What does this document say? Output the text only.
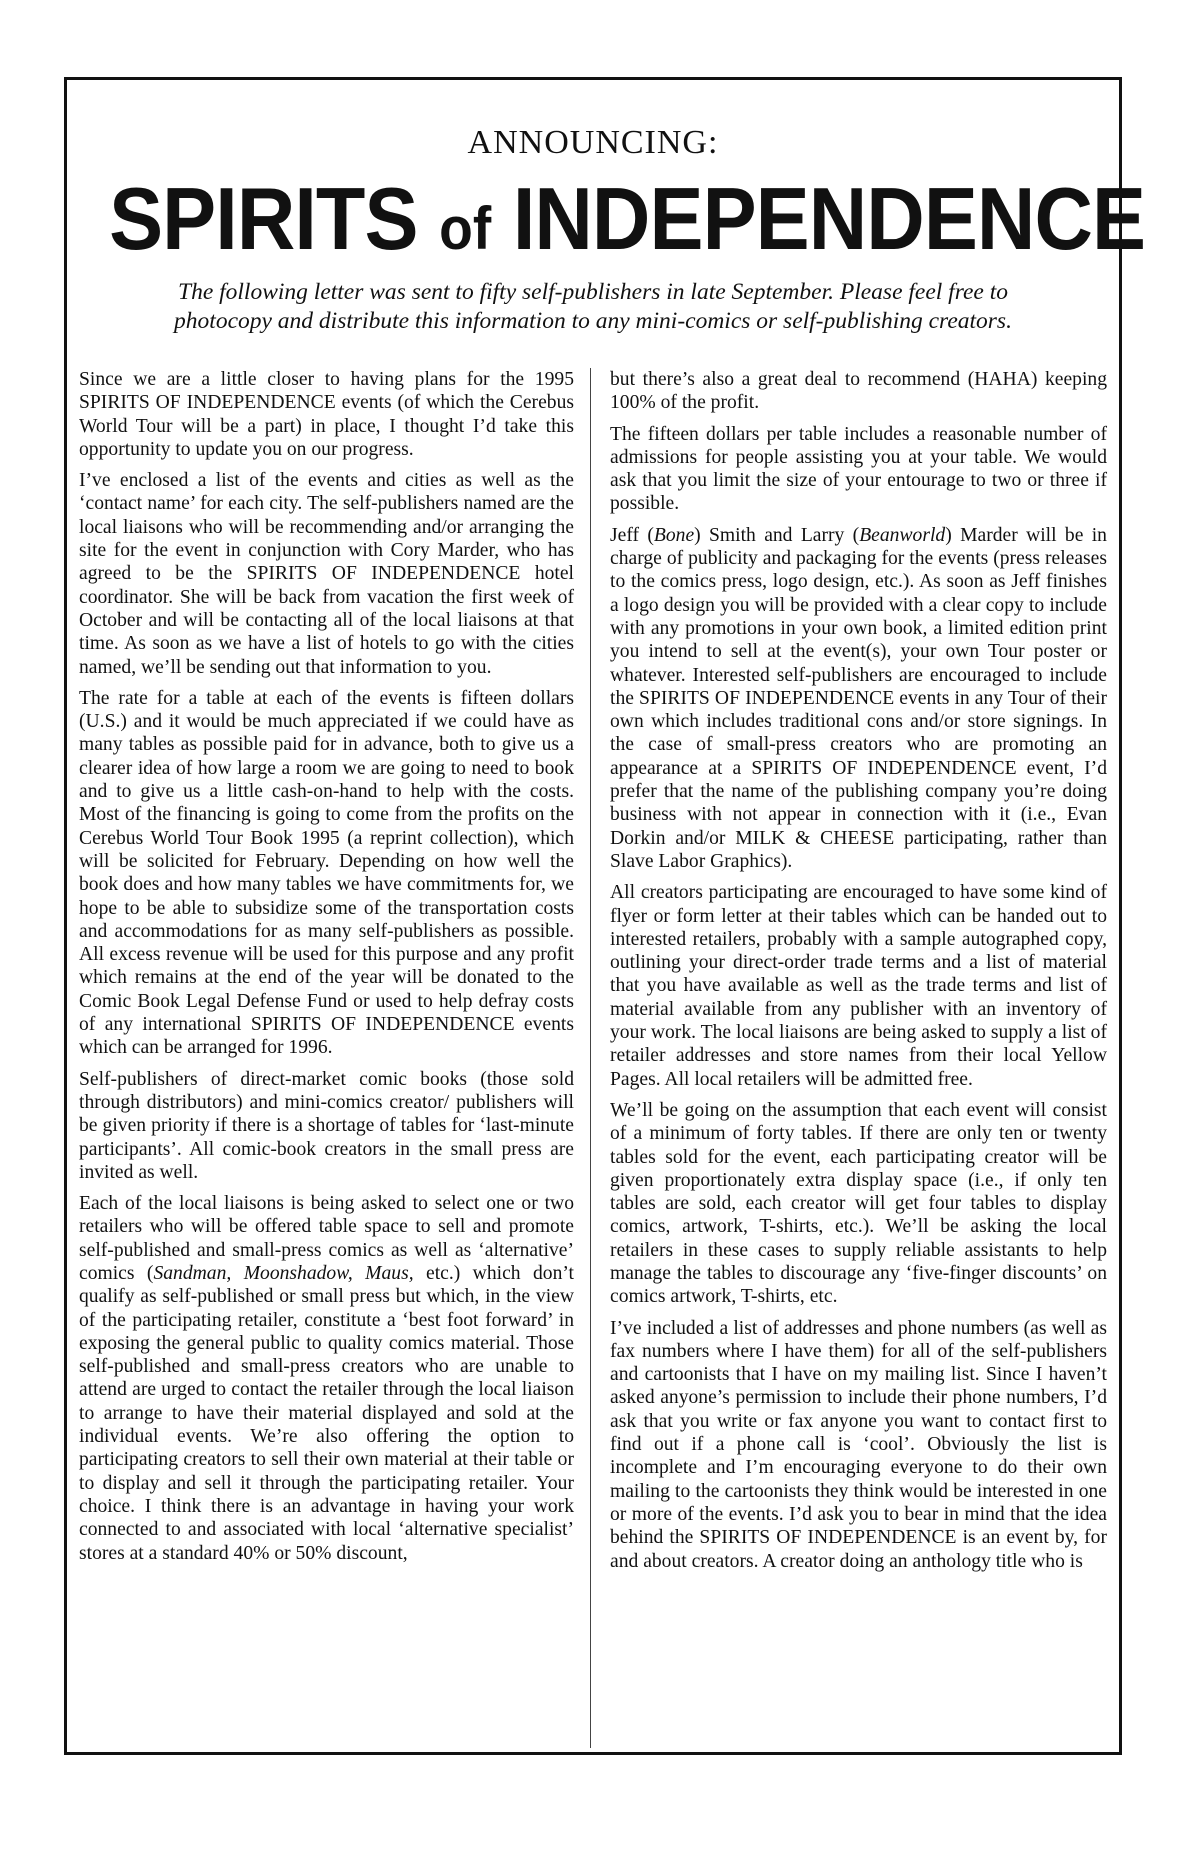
ANNOUNCING:
SPIRITS of INDEPENDENCE
The following letter was sent to fifty self-publishers in late September. Please feel free to photocopy and distribute this information to any mini-comics or self-publishing creators.

Since we are a little closer to having plans for the 1995 SPIRITS OF INDEPENDENCE events (of which the Cerebus World Tour will be a part) in place, I thought I’d take this opportunity to update you on our progress.

I’ve enclosed a list of the events and cities as well as the ‘contact name’ for each city. The self-publishers named are the local liaisons who will be recommending and/or arranging the site for the event in conjunction with Cory Marder, who has agreed to be the SPIRITS OF INDEPENDENCE hotel coordinator. She will be back from vacation the first week of October and will be contacting all of the local liaisons at that time. As soon as we have a list of hotels to go with the cities named, we’ll be sending out that information to you.

The rate for a table at each of the events is fifteen dollars (U.S.) and it would be much appreciated if we could have as many tables as possible paid for in advance, both to give us a clearer idea of how large a room we are going to need to book and to give us a little cash-on-hand to help with the costs. Most of the financing is going to come from the profits on the Cerebus World Tour Book 1995 (a reprint collection), which will be solicited for February. Depending on how well the book does and how many tables we have commitments for, we hope to be able to subsidize some of the transportation costs and accommodations for as many self-publishers as possible. All excess revenue will be used for this purpose and any profit which remains at the end of the year will be donated to the Comic Book Legal Defense Fund or used to help defray costs of any international SPIRITS OF INDEPENDENCE events which can be arranged for 1996.

Self-publishers of direct-market comic books (those sold through distributors) and mini-comics creator/ publishers will be given priority if there is a shortage of tables for ‘last-minute participants’. All comic-book creators in the small press are invited as well.

Each of the local liaisons is being asked to select one or two retailers who will be offered table space to sell and promote self-published and small-press comics as well as ‘alternative’ comics (Sandman, Moonshadow, Maus, etc.) which don’t qualify as self-published or small press but which, in the view of the participating retailer, constitute a ‘best foot forward’ in exposing the general public to quality comics material. Those self-published and small-press creators who are unable to attend are urged to contact the retailer through the local liaison to arrange to have their material displayed and sold at the individual events. We’re also offering the option to participating creators to sell their own material at their table or to display and sell it through the participating retailer. Your choice. I think there is an advantage in having your work connected to and associated with local ‘alternative specialist’ stores at a standard 40% or 50% discount,

but there’s also a great deal to recommend (HAHA) keeping 100% of the profit.

The fifteen dollars per table includes a reasonable number of admissions for people assisting you at your table. We would ask that you limit the size of your entourage to two or three if possible.

Jeff (Bone) Smith and Larry (Beanworld) Marder will be in charge of publicity and packaging for the events (press releases to the comics press, logo design, etc.). As soon as Jeff finishes a logo design you will be provided with a clear copy to include with any promotions in your own book, a limited edition print you intend to sell at the event(s), your own Tour poster or whatever. Interested self-publishers are encouraged to include the SPIRITS OF INDEPENDENCE events in any Tour of their own which includes traditional cons and/or store signings. In the case of small-press creators who are promoting an appearance at a SPIRITS OF INDEPENDENCE event, I’d prefer that the name of the publishing company you’re doing business with not appear in connection with it (i.e., Evan Dorkin and/or MILK & CHEESE participating, rather than Slave Labor Graphics).

All creators participating are encouraged to have some kind of flyer or form letter at their tables which can be handed out to interested retailers, probably with a sample autographed copy, outlining your direct-order trade terms and a list of material that you have available as well as the trade terms and list of material available from any publisher with an inventory of your work. The local liaisons are being asked to supply a list of retailer addresses and store names from their local Yellow Pages. All local retailers will be admitted free.

We’ll be going on the assumption that each event will consist of a minimum of forty tables. If there are only ten or twenty tables sold for the event, each participating creator will be given proportionately extra display space (i.e., if only ten tables are sold, each creator will get four tables to display comics, artwork, T-shirts, etc.). We’ll be asking the local retailers in these cases to supply reliable assistants to help manage the tables to discourage any ‘five-finger discounts’ on comics artwork, T-shirts, etc.

I’ve included a list of addresses and phone numbers (as well as fax numbers where I have them) for all of the self-publishers and cartoonists that I have on my mailing list. Since I haven’t asked anyone’s permission to include their phone numbers, I’d ask that you write or fax anyone you want to contact first to find out if a phone call is ‘cool’. Obviously the list is incomplete and I’m encouraging everyone to do their own mailing to the cartoonists they think would be interested in one or more of the events. I’d ask you to bear in mind that the idea behind the SPIRITS OF INDEPENDENCE is an event by, for and about creators. A creator doing an anthology title who is
